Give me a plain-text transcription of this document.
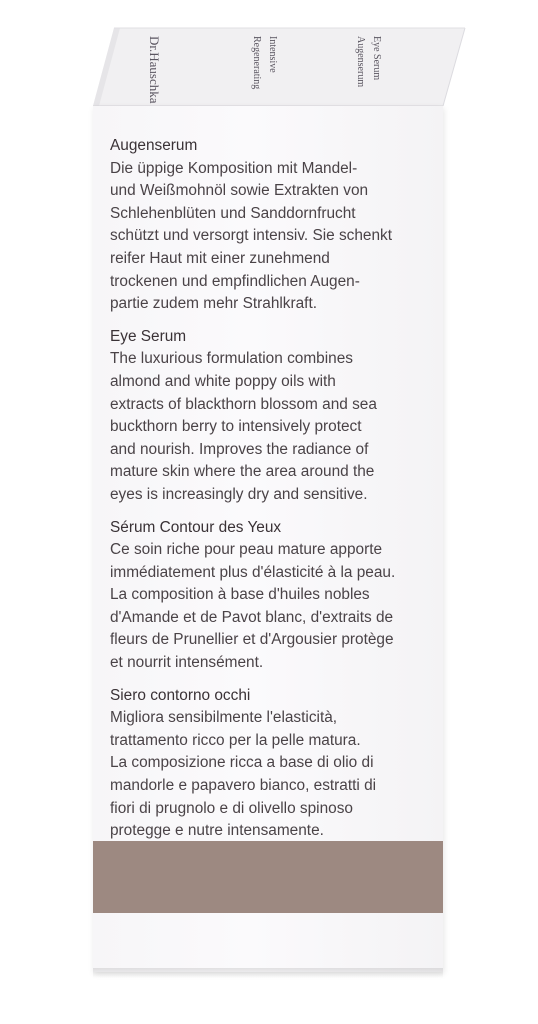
Dr.Hauschka	Regenerating Intensive	Augenserum Eye Serum
Augenserum
Die üppige Komposition mit Mandel-
und Weißmohnöl sowie Extrakten von
Schlehenblüten und Sanddornfrucht
schützt und versorgt intensiv. Sie schenkt
reifer Haut mit einer zunehmend
trockenen und empfindlichen Augen-
partie zudem mehr Strahlkraft.
Eye Serum
The luxurious formulation combines
almond and white poppy oils with
extracts of blackthorn blossom and sea
buckthorn berry to intensively protect
and nourish. Improves the radiance of
mature skin where the area around the
eyes is increasingly dry and sensitive.
Sérum Contour des Yeux
Ce soin riche pour peau mature apporte
immédiatement plus d'élasticité à la peau.
La composition à base d'huiles nobles
d'Amande et de Pavot blanc, d'extraits de
fleurs de Prunellier et d'Argousier protège
et nourrit intensément.
Siero contorno occhi
Migliora sensibilmente l'elasticità,
trattamento ricco per la pelle matura.
La composizione ricca a base di olio di
mandorle e papavero bianco, estratti di
fiori di prugnolo e di olivello spinoso
protegge e nutre intensamente.
